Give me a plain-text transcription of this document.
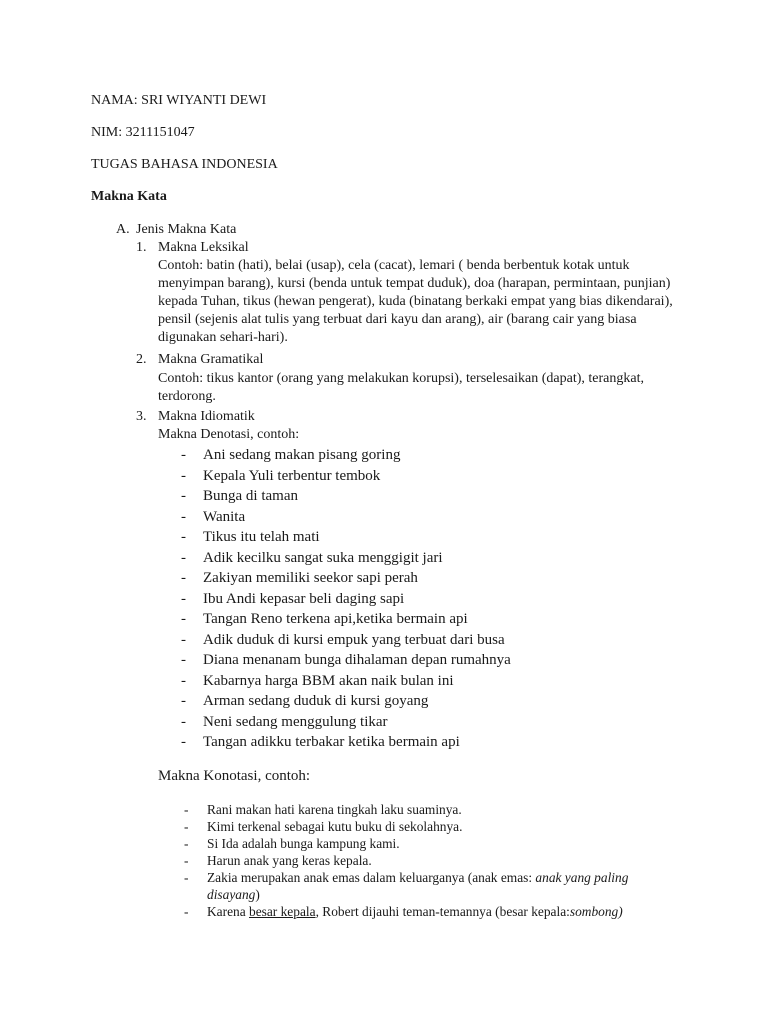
NAMA: SRI WIYANTI DEWI
NIM: 3211151047
TUGAS BAHASA INDONESIA
Makna Kata
A. Jenis Makna Kata
1. Makna Leksikal
Contoh: batin (hati), belai (usap), cela (cacat), lemari ( benda berbentuk kotak untuk
menyimpan barang), kursi (benda untuk tempat duduk), doa (harapan, permintaan, punjian)
kepada Tuhan, tikus (hewan pengerat), kuda (binatang berkaki empat yang bias dikendarai),
pensil (sejenis alat tulis yang terbuat dari kayu dan arang), air (barang cair yang biasa
digunakan sehari-hari).
2. Makna Gramatikal
Contoh: tikus kantor (orang yang melakukan korupsi), terselesaikan (dapat), terangkat,
terdorong.
3. Makna Idiomatik
Makna Denotasi, contoh:
- Ani sedang makan pisang goring
- Kepala Yuli terbentur tembok
- Bunga di taman
- Wanita
- Tikus itu telah mati
- Adik kecilku sangat suka menggigit jari
- Zakiyan memiliki seekor sapi perah
- Ibu Andi kepasar beli daging sapi
- Tangan Reno terkena api,ketika bermain api
- Adik duduk di kursi empuk yang terbuat dari busa
- Diana menanam bunga dihalaman depan rumahnya
- Kabarnya harga BBM akan naik bulan ini
- Arman sedang duduk di kursi goyang
- Neni sedang menggulung tikar
- Tangan adikku terbakar ketika bermain api
Makna Konotasi, contoh:
- Rani makan hati karena tingkah laku suaminya.
- Kimi terkenal sebagai kutu buku di sekolahnya.
- Si Ida adalah bunga kampung kami.
- Harun anak yang keras kepala.
- Zakia merupakan anak emas dalam keluarganya (anak emas: anak yang paling
disayang)
- Karena besar kepala, Robert dijauhi teman-temannya (besar kepala:sombong)
